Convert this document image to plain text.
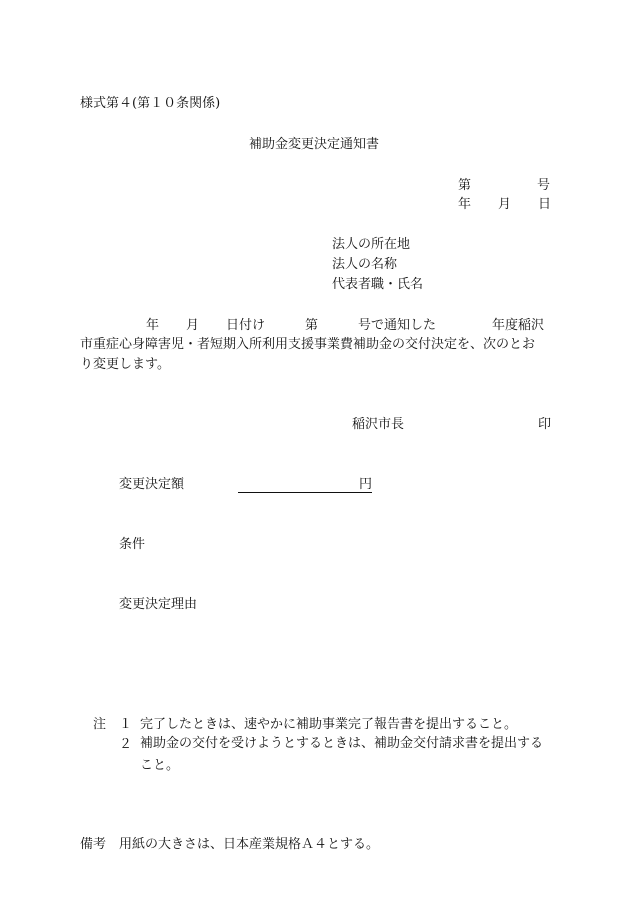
様式第４(第１０条関係)
補助金変更決定通知書
第	号
年 月 日
法人の所在地
法人の名称
代表者職・氏名
年 月 日付け	第	号で通知した	年度稲沢
市重症心身障害児・者短期入所利用支援事業費補助金の交付決定を、次のとお
り変更します。
稲沢市長	印
変更決定額	円
条件
変更決定理由
注 １ 完了したときは、速やかに補助事業完了報告書を提出すること。
２ 補助金の交付を受けようとするときは、補助金交付請求書を提出すること。
備考 用紙の大きさは、日本産業規格Ａ４とする。
